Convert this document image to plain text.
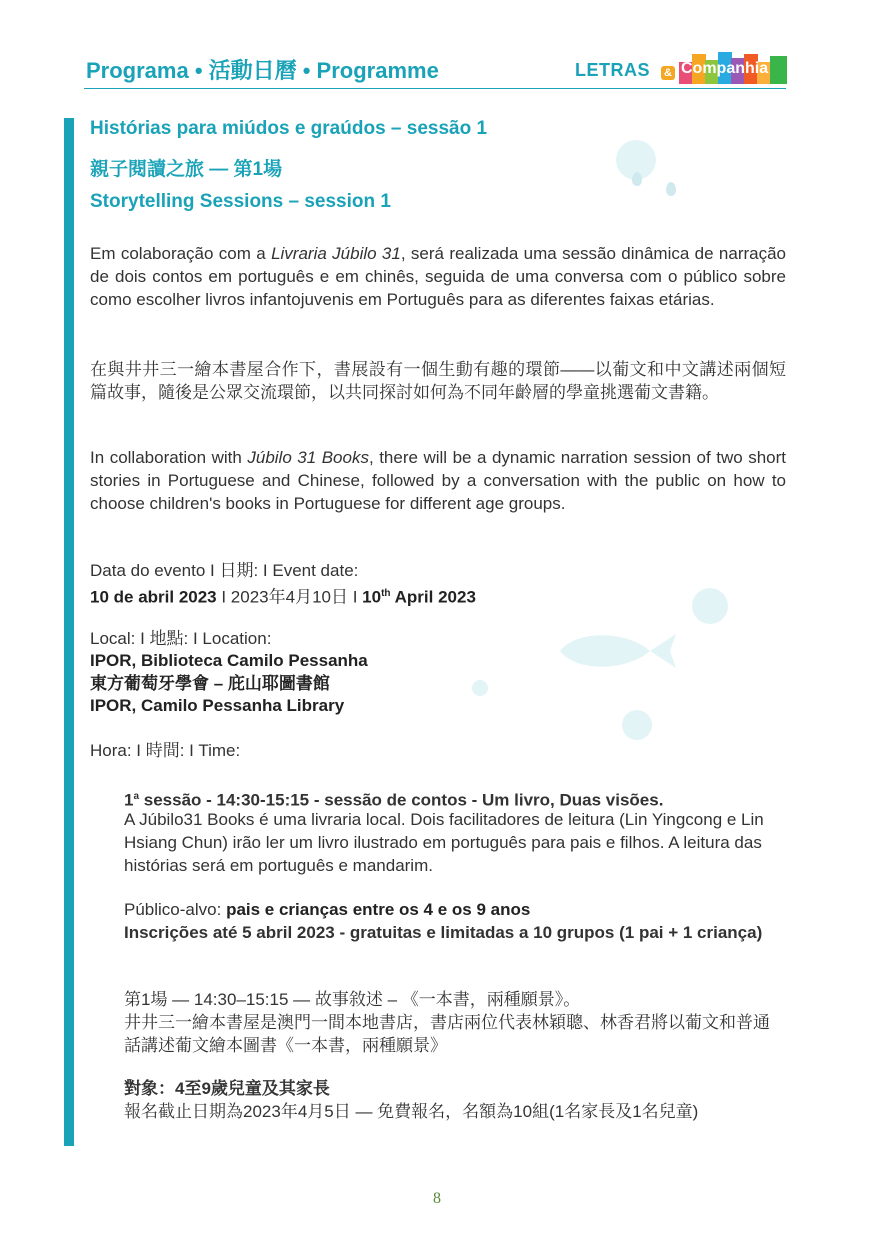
Programa • 活動日曆 • Programme	LETRAS & Companhia
Histórias para miúdos e graúdos – sessão 1
親子閱讀之旅 — 第1場
Storytelling Sessions – session 1
Em colaboração com a Livraria Júbilo 31, será realizada uma sessão dinâmica de narração de dois contos em português e em chinês, seguida de uma conversa com o público sobre como escolher livros infantojuvenis em Português para as diferentes faixas etárias.
在與井井三一繪本書屋合作下，書展設有一個生動有趣的環節——以葡文和中文講述兩個短篇故事，隨後是公眾交流環節，以共同探討如何為不同年齡層的學童挑選葡文書籍。
In collaboration with Júbilo 31 Books, there will be a dynamic narration session of two short stories in Portuguese and Chinese, followed by a conversation with the public on how to choose children's books in Portuguese for different age groups.
Data do evento I 日期: I Event date:
10 de abril 2023 I 2023年4月10日 I 10th April 2023
Local: I 地點: I Location:
IPOR, Biblioteca Camilo Pessanha
東方葡萄牙學會 – 庇山耶圖書館
IPOR, Camilo Pessanha Library
Hora: I 時間: I Time:
1$^a$ sessão - 14:30-15:15 - sessão de contos - Um livro, Duas visões.
A Júbilo31 Books é uma livraria local. Dois facilitadores de leitura (Lin Yingcong e Lin Hsiang Chun) irão ler um livro ilustrado em português para pais e filhos. A leitura das histórias será em português e mandarim.
Público-alvo: pais e crianças entre os 4 e os 9 anos
Inscrições até 5 abril 2023 - gratuitas e limitadas a 10 grupos (1 pai + 1 criança)
第1場 — 14:30–15:15 — 故事敘述 – 《一本書，兩種願景》。
井井三一繪本書屋是澳門一間本地書店，書店兩位代表林穎聰、林香君將以葡文和普通話講述葡文繪本圖書《一本書，兩種願景》
對象：4至9歲兒童及其家長
報名截止日期為2023年4月5日 — 免費報名，名額為10組(1名家長及1名兒童)
8
